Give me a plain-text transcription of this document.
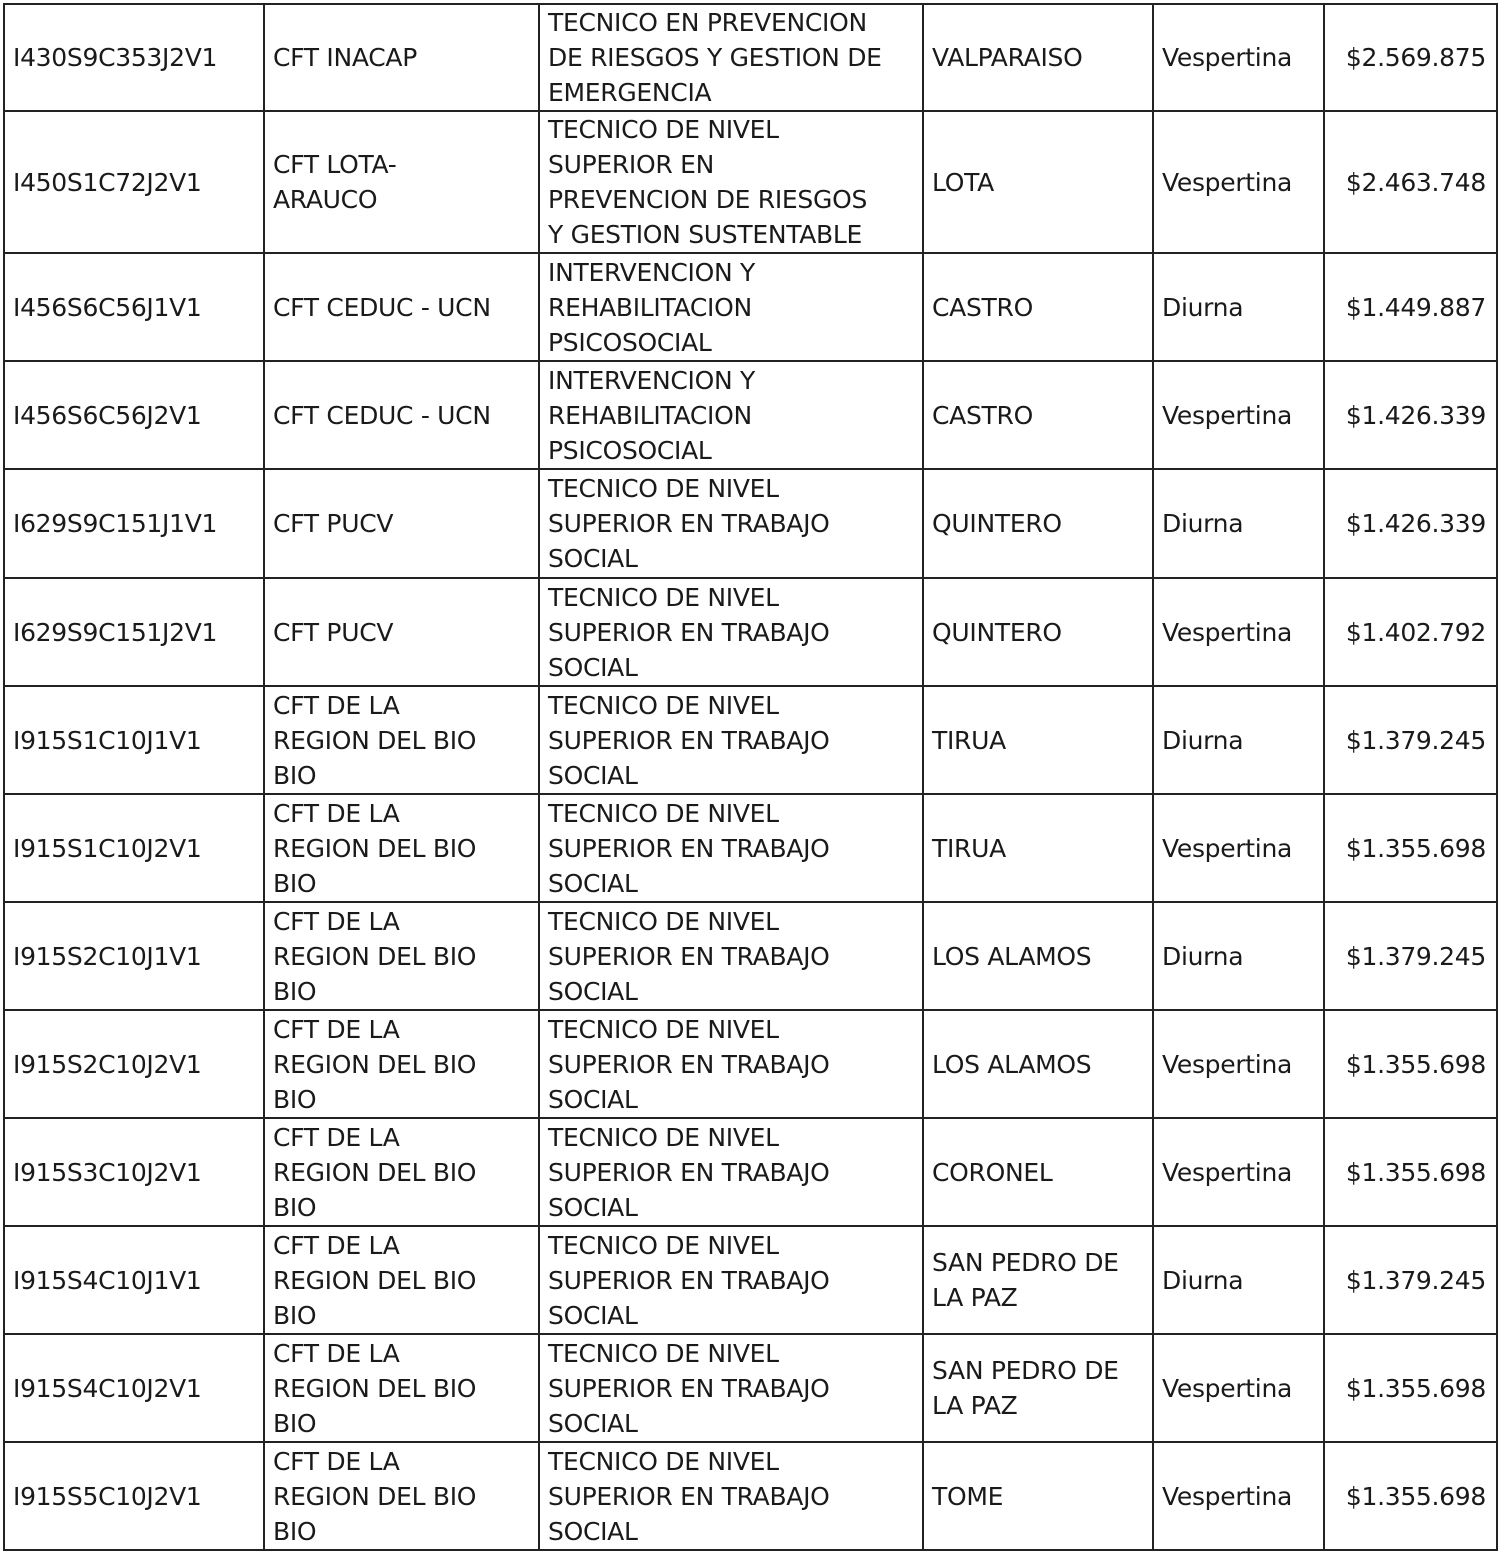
I430S9C353J2V1	CFT INACAP	TECNICO EN PREVENCION
DE RIESGOS Y GESTION DE
EMERGENCIA	VALPARAISO	Vespertina	$2.569.875
I450S1C72J2V1	CFT LOTA-
ARAUCO	TECNICO DE NIVEL
SUPERIOR EN
PREVENCION DE RIESGOS
Y GESTION SUSTENTABLE	LOTA	Vespertina	$2.463.748
I456S6C56J1V1	CFT CEDUC - UCN	INTERVENCION Y
REHABILITACION
PSICOSOCIAL	CASTRO	Diurna	$1.449.887
I456S6C56J2V1	CFT CEDUC - UCN	INTERVENCION Y
REHABILITACION
PSICOSOCIAL	CASTRO	Vespertina	$1.426.339
I629S9C151J1V1	CFT PUCV	TECNICO DE NIVEL
SUPERIOR EN TRABAJO
SOCIAL	QUINTERO	Diurna	$1.426.339
I629S9C151J2V1	CFT PUCV	TECNICO DE NIVEL
SUPERIOR EN TRABAJO
SOCIAL	QUINTERO	Vespertina	$1.402.792
I915S1C10J1V1	CFT DE LA
REGION DEL BIO
BIO	TECNICO DE NIVEL
SUPERIOR EN TRABAJO
SOCIAL	TIRUA	Diurna	$1.379.245
I915S1C10J2V1	CFT DE LA
REGION DEL BIO
BIO	TECNICO DE NIVEL
SUPERIOR EN TRABAJO
SOCIAL	TIRUA	Vespertina	$1.355.698
I915S2C10J1V1	CFT DE LA
REGION DEL BIO
BIO	TECNICO DE NIVEL
SUPERIOR EN TRABAJO
SOCIAL	LOS ALAMOS	Diurna	$1.379.245
I915S2C10J2V1	CFT DE LA
REGION DEL BIO
BIO	TECNICO DE NIVEL
SUPERIOR EN TRABAJO
SOCIAL	LOS ALAMOS	Vespertina	$1.355.698
I915S3C10J2V1	CFT DE LA
REGION DEL BIO
BIO	TECNICO DE NIVEL
SUPERIOR EN TRABAJO
SOCIAL	CORONEL	Vespertina	$1.355.698
I915S4C10J1V1	CFT DE LA
REGION DEL BIO
BIO	TECNICO DE NIVEL
SUPERIOR EN TRABAJO
SOCIAL	SAN PEDRO DE
LA PAZ	Diurna	$1.379.245
I915S4C10J2V1	CFT DE LA
REGION DEL BIO
BIO	TECNICO DE NIVEL
SUPERIOR EN TRABAJO
SOCIAL	SAN PEDRO DE
LA PAZ	Vespertina	$1.355.698
I915S5C10J2V1	CFT DE LA
REGION DEL BIO
BIO	TECNICO DE NIVEL
SUPERIOR EN TRABAJO
SOCIAL	TOME	Vespertina	$1.355.698
